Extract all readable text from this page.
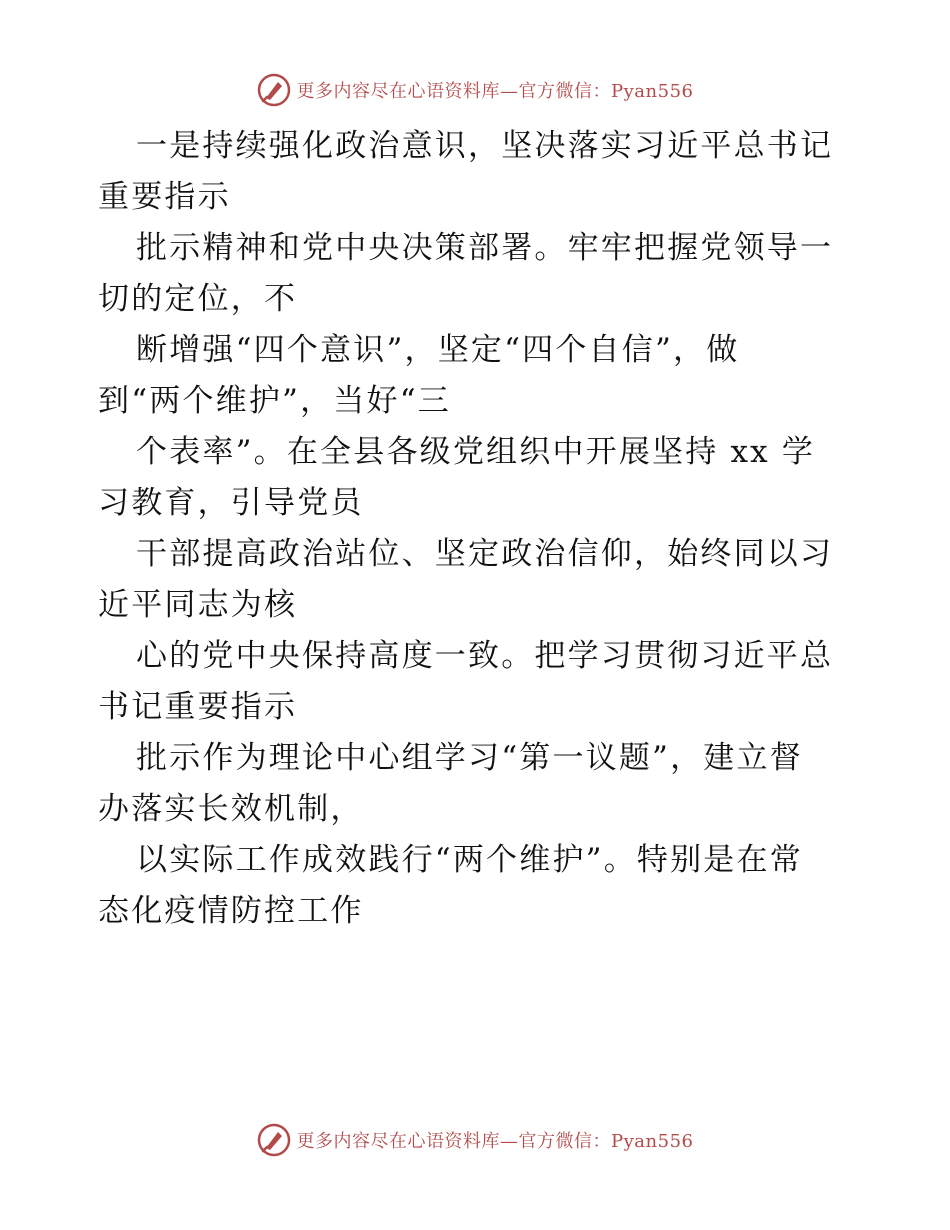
更多内容尽在心语资料库—官方微信：Pyan556
一是持续强化政治意识，坚决落实习近平总书记
重要指示
批示精神和党中央决策部署。牢牢把握党领导一
切的定位，不
断增强“四个意识”，坚定“四个自信”，做
到“两个维护”，当好“三
个表率”。在全县各级党组织中开展坚持 xx 学
习教育，引导党员
干部提高政治站位、坚定政治信仰，始终同以习
近平同志为核
心的党中央保持高度一致。把学习贯彻习近平总
书记重要指示
批示作为理论中心组学习“第一议题”，建立督
办落实长效机制，
以实际工作成效践行“两个维护”。特别是在常
态化疫情防控工作
更多内容尽在心语资料库—官方微信：Pyan556
